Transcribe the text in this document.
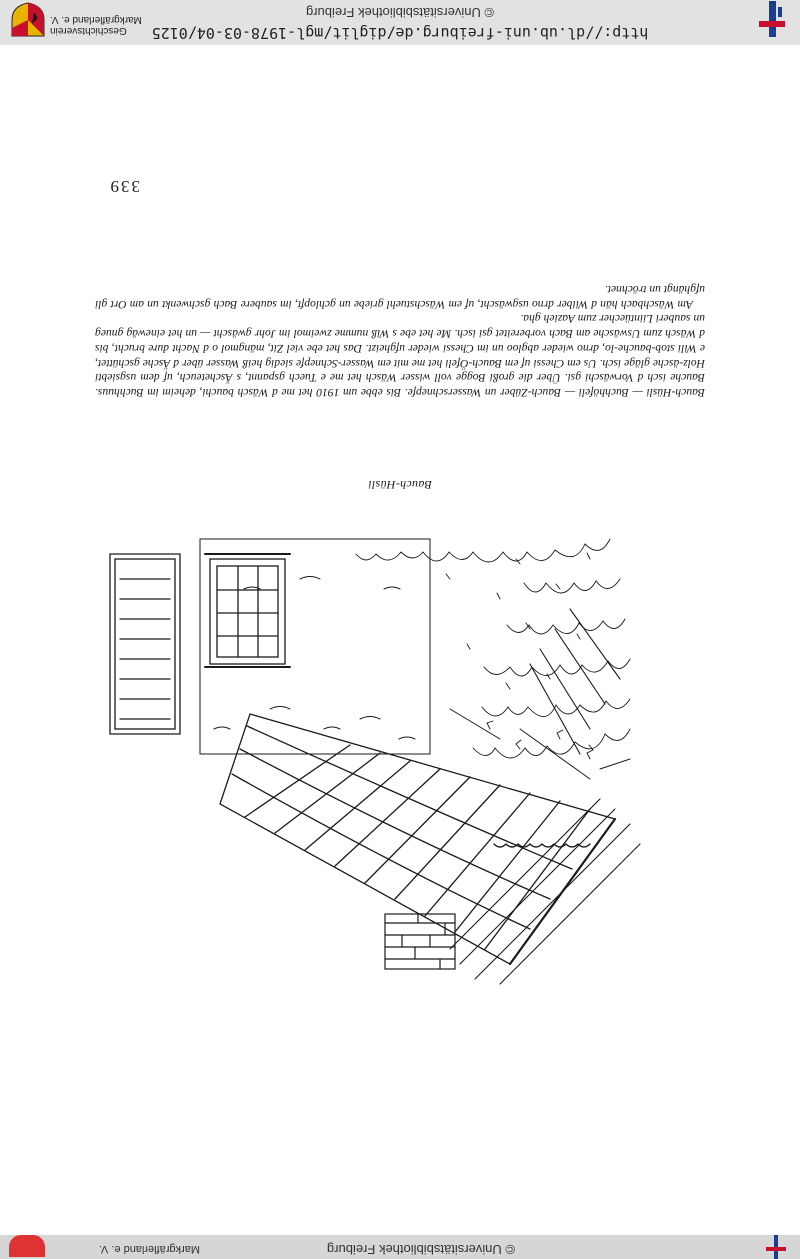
© Universitätsbibliothek Freiburg
Markgräflerland e. V.
Bauch-Hüsli

Bauch-Hüsli — Buchhöfeli — Bauch-Züber un Wasserschnepfe. Bis ebbe um 1910 het me d Wäsch bauchi, deheim im Buchhuus. Bauche isch d Vorwäschi gsi. Über die großi Bogge voll wisser Wäsch het me e Tuech gspannt, s Äscheteuch, uf dem usgsiebti Holz-äsche gläge isch. Us em Chessi uf em Bauch-Öfeli het me mit em Wasser-Schnepfe siedig heiß Wasser über d Äsche gschüttet, e Wili stob-bauche-lo, drno wieder abgloo un im Chessi wieder ufgheizt. Das het ebe viel Zit, mängmol o d Nacht dure brucht, bis d Wäsch zum Uswäsche am Bach vorbereitet gsi isch. Me het ebe s Wiß numme zweimol im Johr gwäscht — un het einewäg gnueg un sauberi Liintüecher zum Aazieh gha.

Am Wäschbach hän d Wiiber drno usgwäscht, uf em Wäschstuehl griebe un gchlopft, im saubere Bach gschwenkt un am Ort gli ufghängt un tröchnet.

339
http://dl.ub.uni-freiburg.de/diglit/mgl-1978-03-04/0125
© Universitätsbibliothek Freiburg
Geschichtsverein
Markgräflerland e. V.
